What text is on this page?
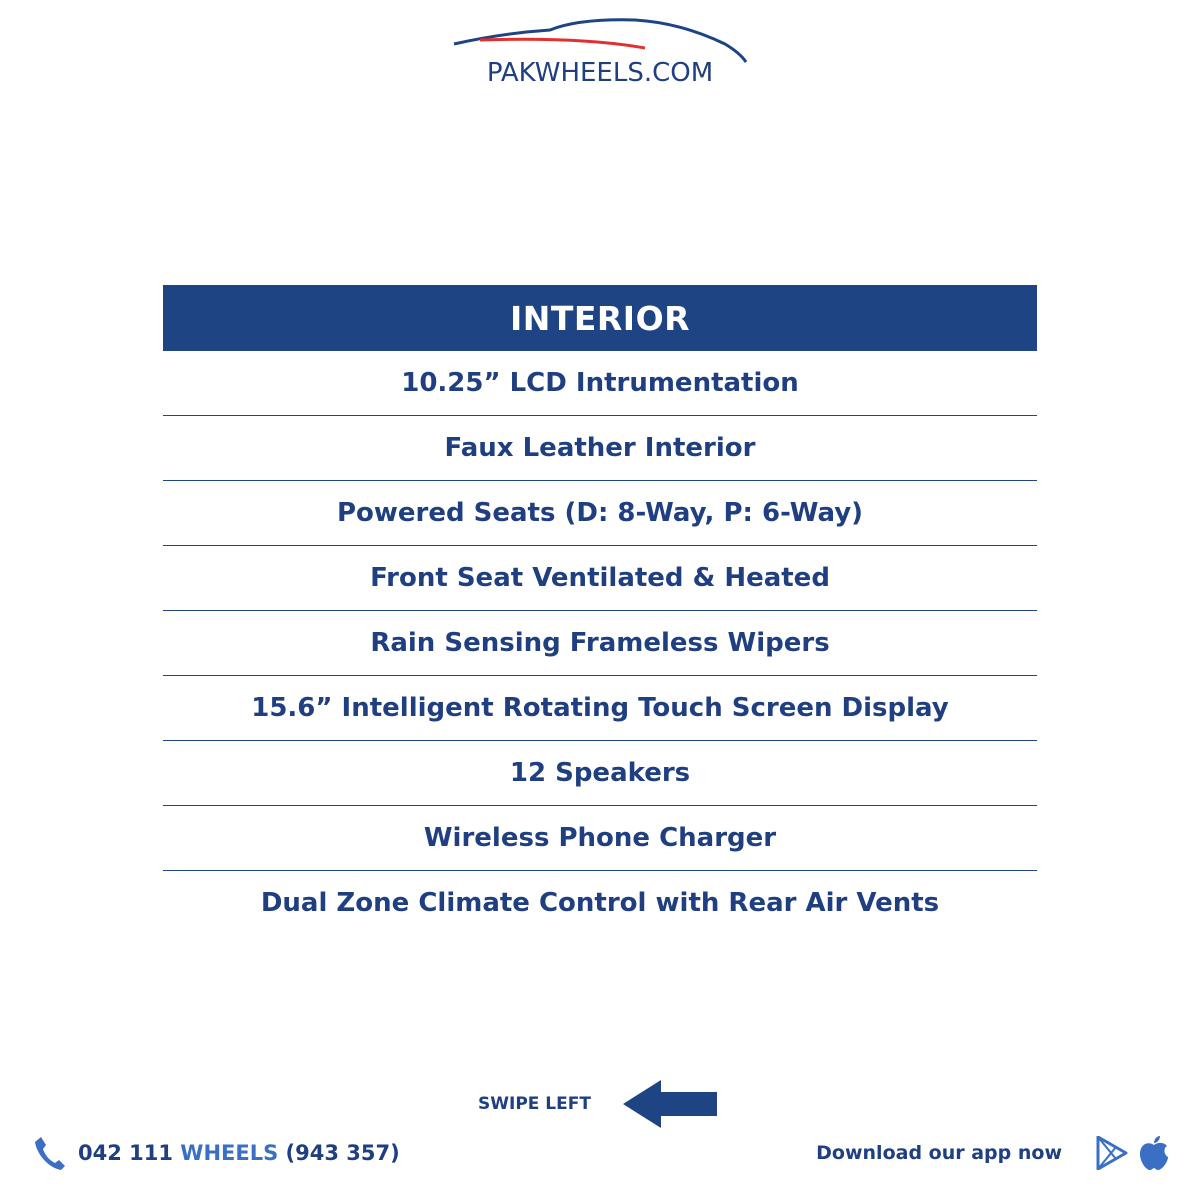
PAKWHEELS.COM
INTERIOR
10.25” LCD Intrumentation
Faux Leather Interior
Powered Seats (D: 8-Way, P: 6-Way)
Front Seat Ventilated & Heated
Rain Sensing Frameless Wipers
15.6” Intelligent Rotating Touch Screen Display
12 Speakers
Wireless Phone Charger
Dual Zone Climate Control with Rear Air Vents
SWIPE LEFT
042 111 WHEELS (943 357)	Download our app now
